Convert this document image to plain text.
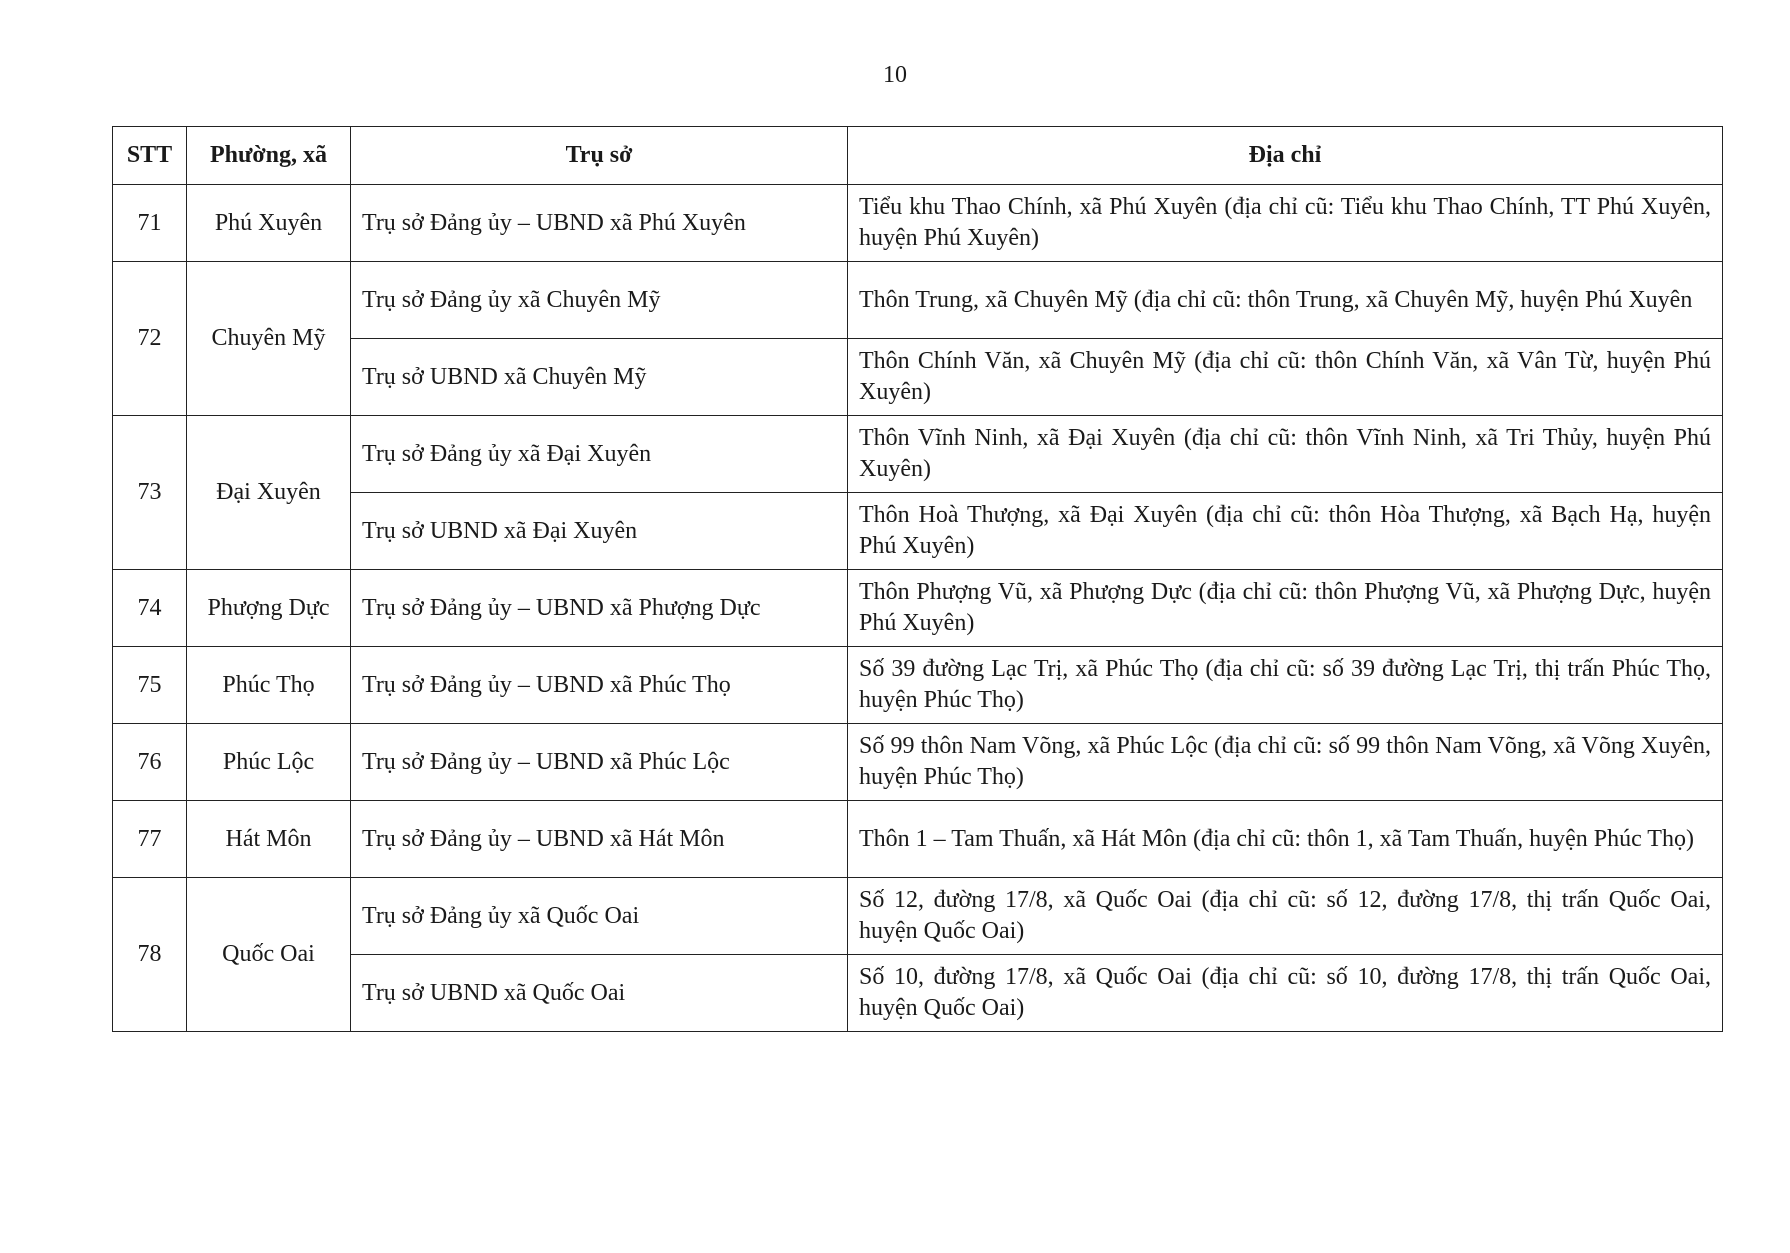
10
STT	Phường, xã	Trụ sở	Địa chỉ
71	Phú Xuyên	Trụ sở Đảng ủy – UBND xã Phú Xuyên	Tiểu khu Thao Chính, xã Phú Xuyên (địa chỉ cũ: Tiểu khu Thao Chính, TT Phú Xuyên, huyện Phú Xuyên)
72	Chuyên Mỹ	Trụ sở Đảng ủy xã Chuyên Mỹ	Thôn Trung, xã Chuyên Mỹ (địa chỉ cũ: thôn Trung, xã Chuyên Mỹ, huyện Phú Xuyên
		Trụ sở UBND xã Chuyên Mỹ	Thôn Chính Văn, xã Chuyên Mỹ (địa chỉ cũ: thôn Chính Văn, xã Vân Từ, huyện Phú Xuyên)
73	Đại Xuyên	Trụ sở Đảng ủy xã Đại Xuyên	Thôn Vĩnh Ninh, xã Đại Xuyên (địa chỉ cũ: thôn Vĩnh Ninh, xã Tri Thủy, huyện Phú Xuyên)
		Trụ sở UBND xã Đại Xuyên	Thôn Hoà Thượng, xã Đại Xuyên (địa chỉ cũ: thôn Hòa Thượng, xã Bạch Hạ, huyện Phú Xuyên)
74	Phượng Dực	Trụ sở Đảng ủy – UBND xã Phượng Dực	Thôn Phượng Vũ, xã Phượng Dực (địa chỉ cũ: thôn Phượng Vũ, xã Phượng Dực, huyện Phú Xuyên)
75	Phúc Thọ	Trụ sở Đảng ủy – UBND xã Phúc Thọ	Số 39 đường Lạc Trị, xã Phúc Thọ (địa chỉ cũ: số 39 đường Lạc Trị, thị trấn Phúc Thọ, huyện Phúc Thọ)
76	Phúc Lộc	Trụ sở Đảng ủy – UBND xã Phúc Lộc	Số 99 thôn Nam Võng, xã Phúc Lộc (địa chỉ cũ: số 99 thôn Nam Võng, xã Võng Xuyên, huyện Phúc Thọ)
77	Hát Môn	Trụ sở Đảng ủy – UBND xã Hát Môn	Thôn 1 – Tam Thuấn, xã Hát Môn (địa chỉ cũ: thôn 1, xã Tam Thuấn, huyện Phúc Thọ)
78	Quốc Oai	Trụ sở Đảng ủy xã Quốc Oai	Số 12, đường 17/8, xã Quốc Oai (địa chỉ cũ: số 12, đường 17/8, thị trấn Quốc Oai, huyện Quốc Oai)
		Trụ sở UBND xã Quốc Oai	Số 10, đường 17/8, xã Quốc Oai (địa chỉ cũ: số 10, đường 17/8, thị trấn Quốc Oai, huyện Quốc Oai)
